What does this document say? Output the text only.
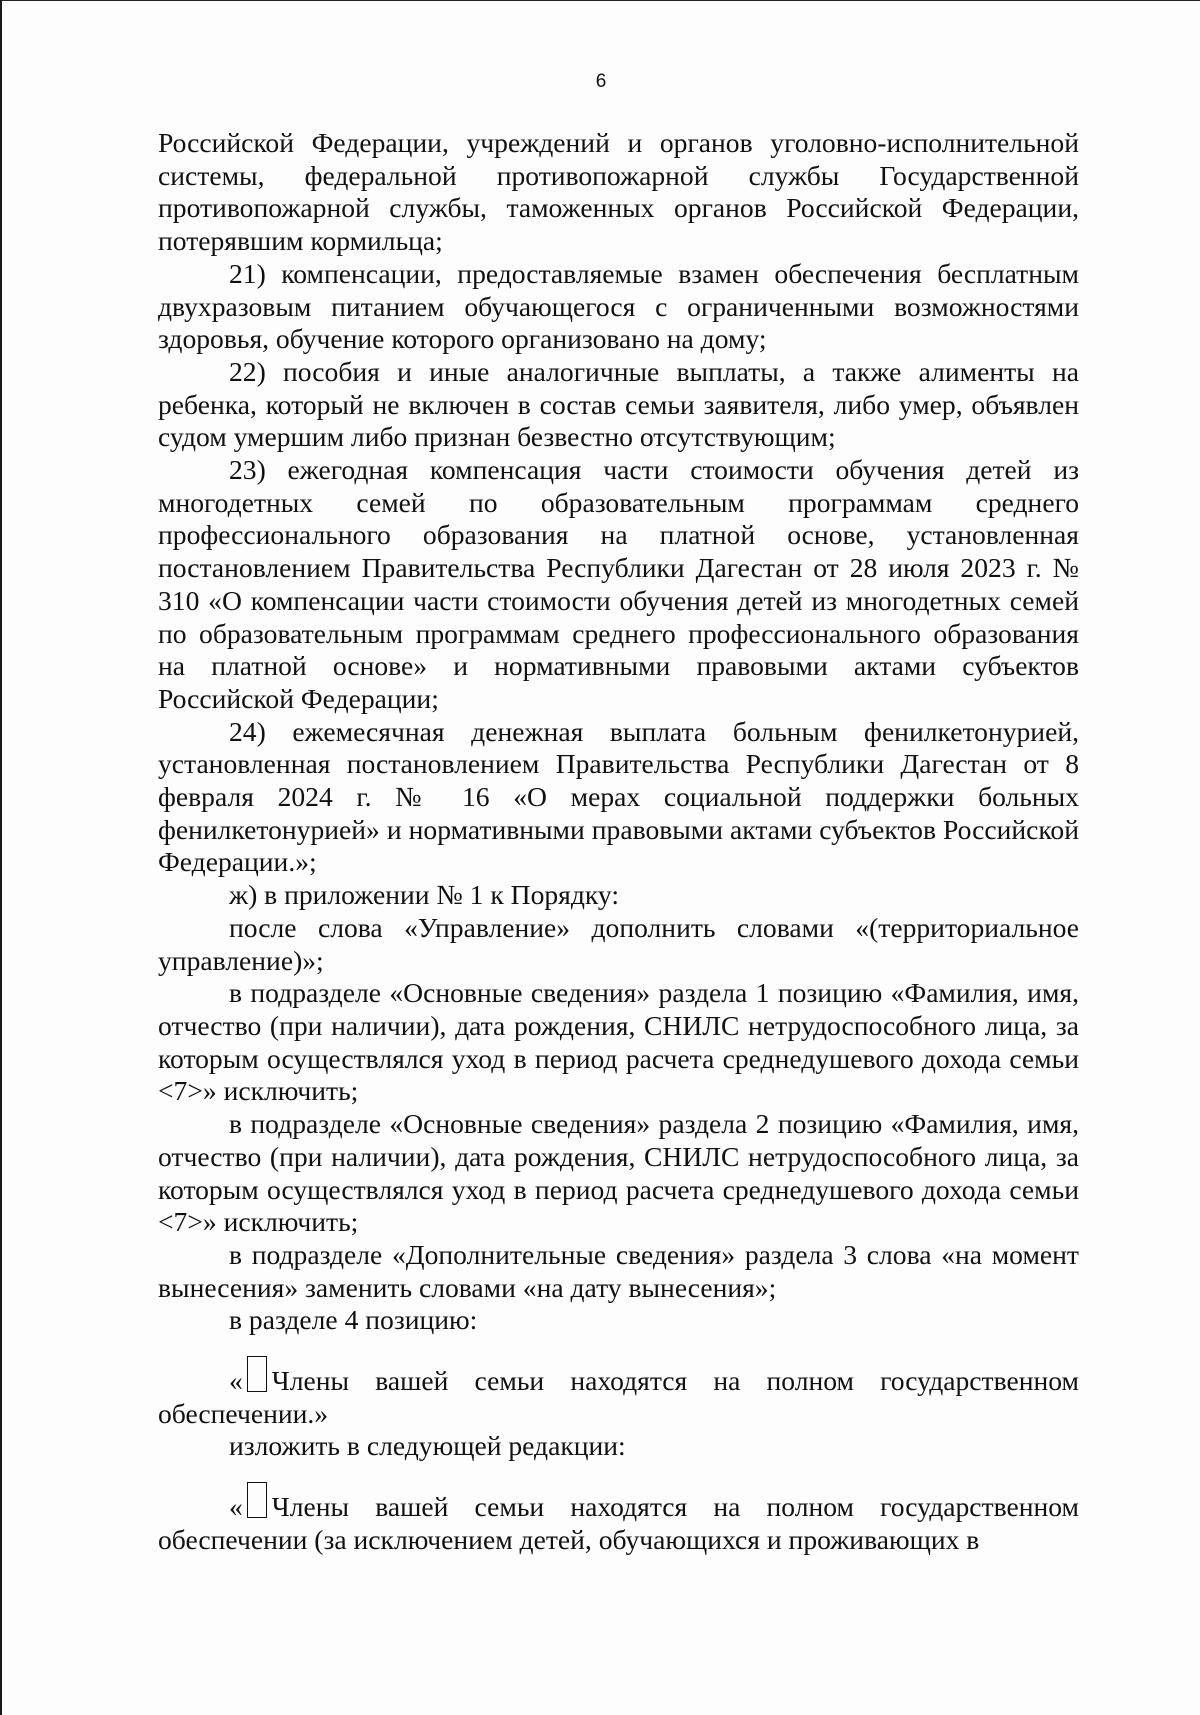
6

Российской Федерации, учреждений и органов уголовно-исполнительной системы, федеральной противопожарной службы Государственной противопожарной службы, таможенных органов Российской Федерации, потерявшим кормильца;

21) компенсации, предоставляемые взамен обеспечения бесплатным двухразовым питанием обучающегося с ограниченными возможностями здоровья, обучение которого организовано на дому;

22) пособия и иные аналогичные выплаты, а также алименты на ребенка, который не включен в состав семьи заявителя, либо умер, объявлен судом умершим либо признан безвестно отсутствующим;

23) ежегодная компенсация части стоимости обучения детей из многодетных семей по образовательным программам среднего профессионального образования на платной основе, установленная постановлением Правительства Республики Дагестан от 28 июля 2023 г. № 310 «О компенсации части стоимости обучения детей из многодетных семей по образовательным программам среднего профессионального образования на платной основе» и нормативными правовыми актами субъектов Российской Федерации;

24) ежемесячная денежная выплата больным фенилкетонурией, установленная постановлением Правительства Республики Дагестан от 8 февраля 2024 г. № 16 «О мерах социальной поддержки больных фенилкетонурией» и нормативными правовыми актами субъектов Российской Федерации.»;

ж) в приложении № 1 к Порядку:

после слова «Управление» дополнить словами «(территориальное управление)»;

в подразделе «Основные сведения» раздела 1 позицию «Фамилия, имя, отчество (при наличии), дата рождения, СНИЛС нетрудоспособного лица, за которым осуществлялся уход в период расчета среднедушевого дохода семьи <7>» исключить;

в подразделе «Основные сведения» раздела 2 позицию «Фамилия, имя, отчество (при наличии), дата рождения, СНИЛС нетрудоспособного лица, за которым осуществлялся уход в период расчета среднедушевого дохода семьи <7>» исключить;

в подразделе «Дополнительные сведения» раздела 3 слова «на момент вынесения» заменить словами «на дату вынесения»;

в разделе 4 позицию:

« Члены вашей семьи находятся на полном государственном обеспечении.»

изложить в следующей редакции:

« Члены вашей семьи находятся на полном государственном обеспечении (за исключением детей, обучающихся и проживающих в
